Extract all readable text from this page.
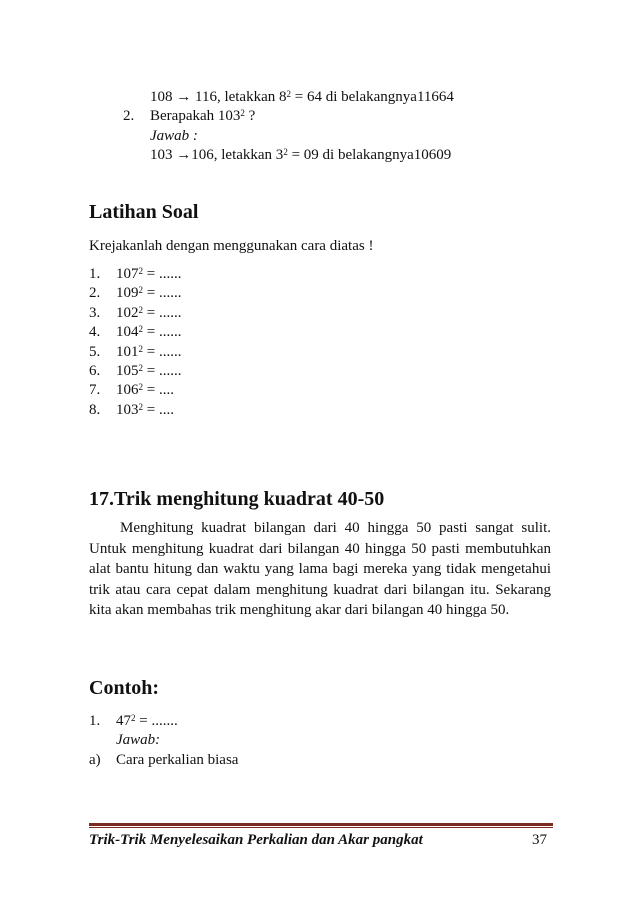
108 → 116, letakkan $8^2 = 64$ di belakangnya11664
2. Berapakah $103^2$ ?
Jawab :
103 →106, letakkan $3^2 = 09$ di belakangnya10609
Latihan Soal
Krejakanlah dengan menggunakan cara diatas !
1. $107^2$ = ......
2. $109^2$ = ......
3. $102^2$ = ......
4. $104^2$ = ......
5. $101^2$ = ......
6. $105^2$ = ......
7. $106^2$ = ....
8. $103^2$ = ....
17.Trik menghitung kuadrat 40-50
Menghitung kuadrat bilangan dari 40 hingga 50 pasti sangat sulit. Untuk menghitung kuadrat dari bilangan 40 hingga 50 pasti membutuhkan alat bantu hitung dan waktu yang lama bagi mereka yang tidak mengetahui trik atau cara cepat dalam menghitung kuadrat dari bilangan itu. Sekarang kita akan membahas trik menghitung akar dari bilangan 40 hingga 50.
Contoh:
1. $47^2$ = .......
Jawab:
a) Cara perkalian biasa
Trik-Trik Menyelesaikan Perkalian dan Akar pangkat	37
